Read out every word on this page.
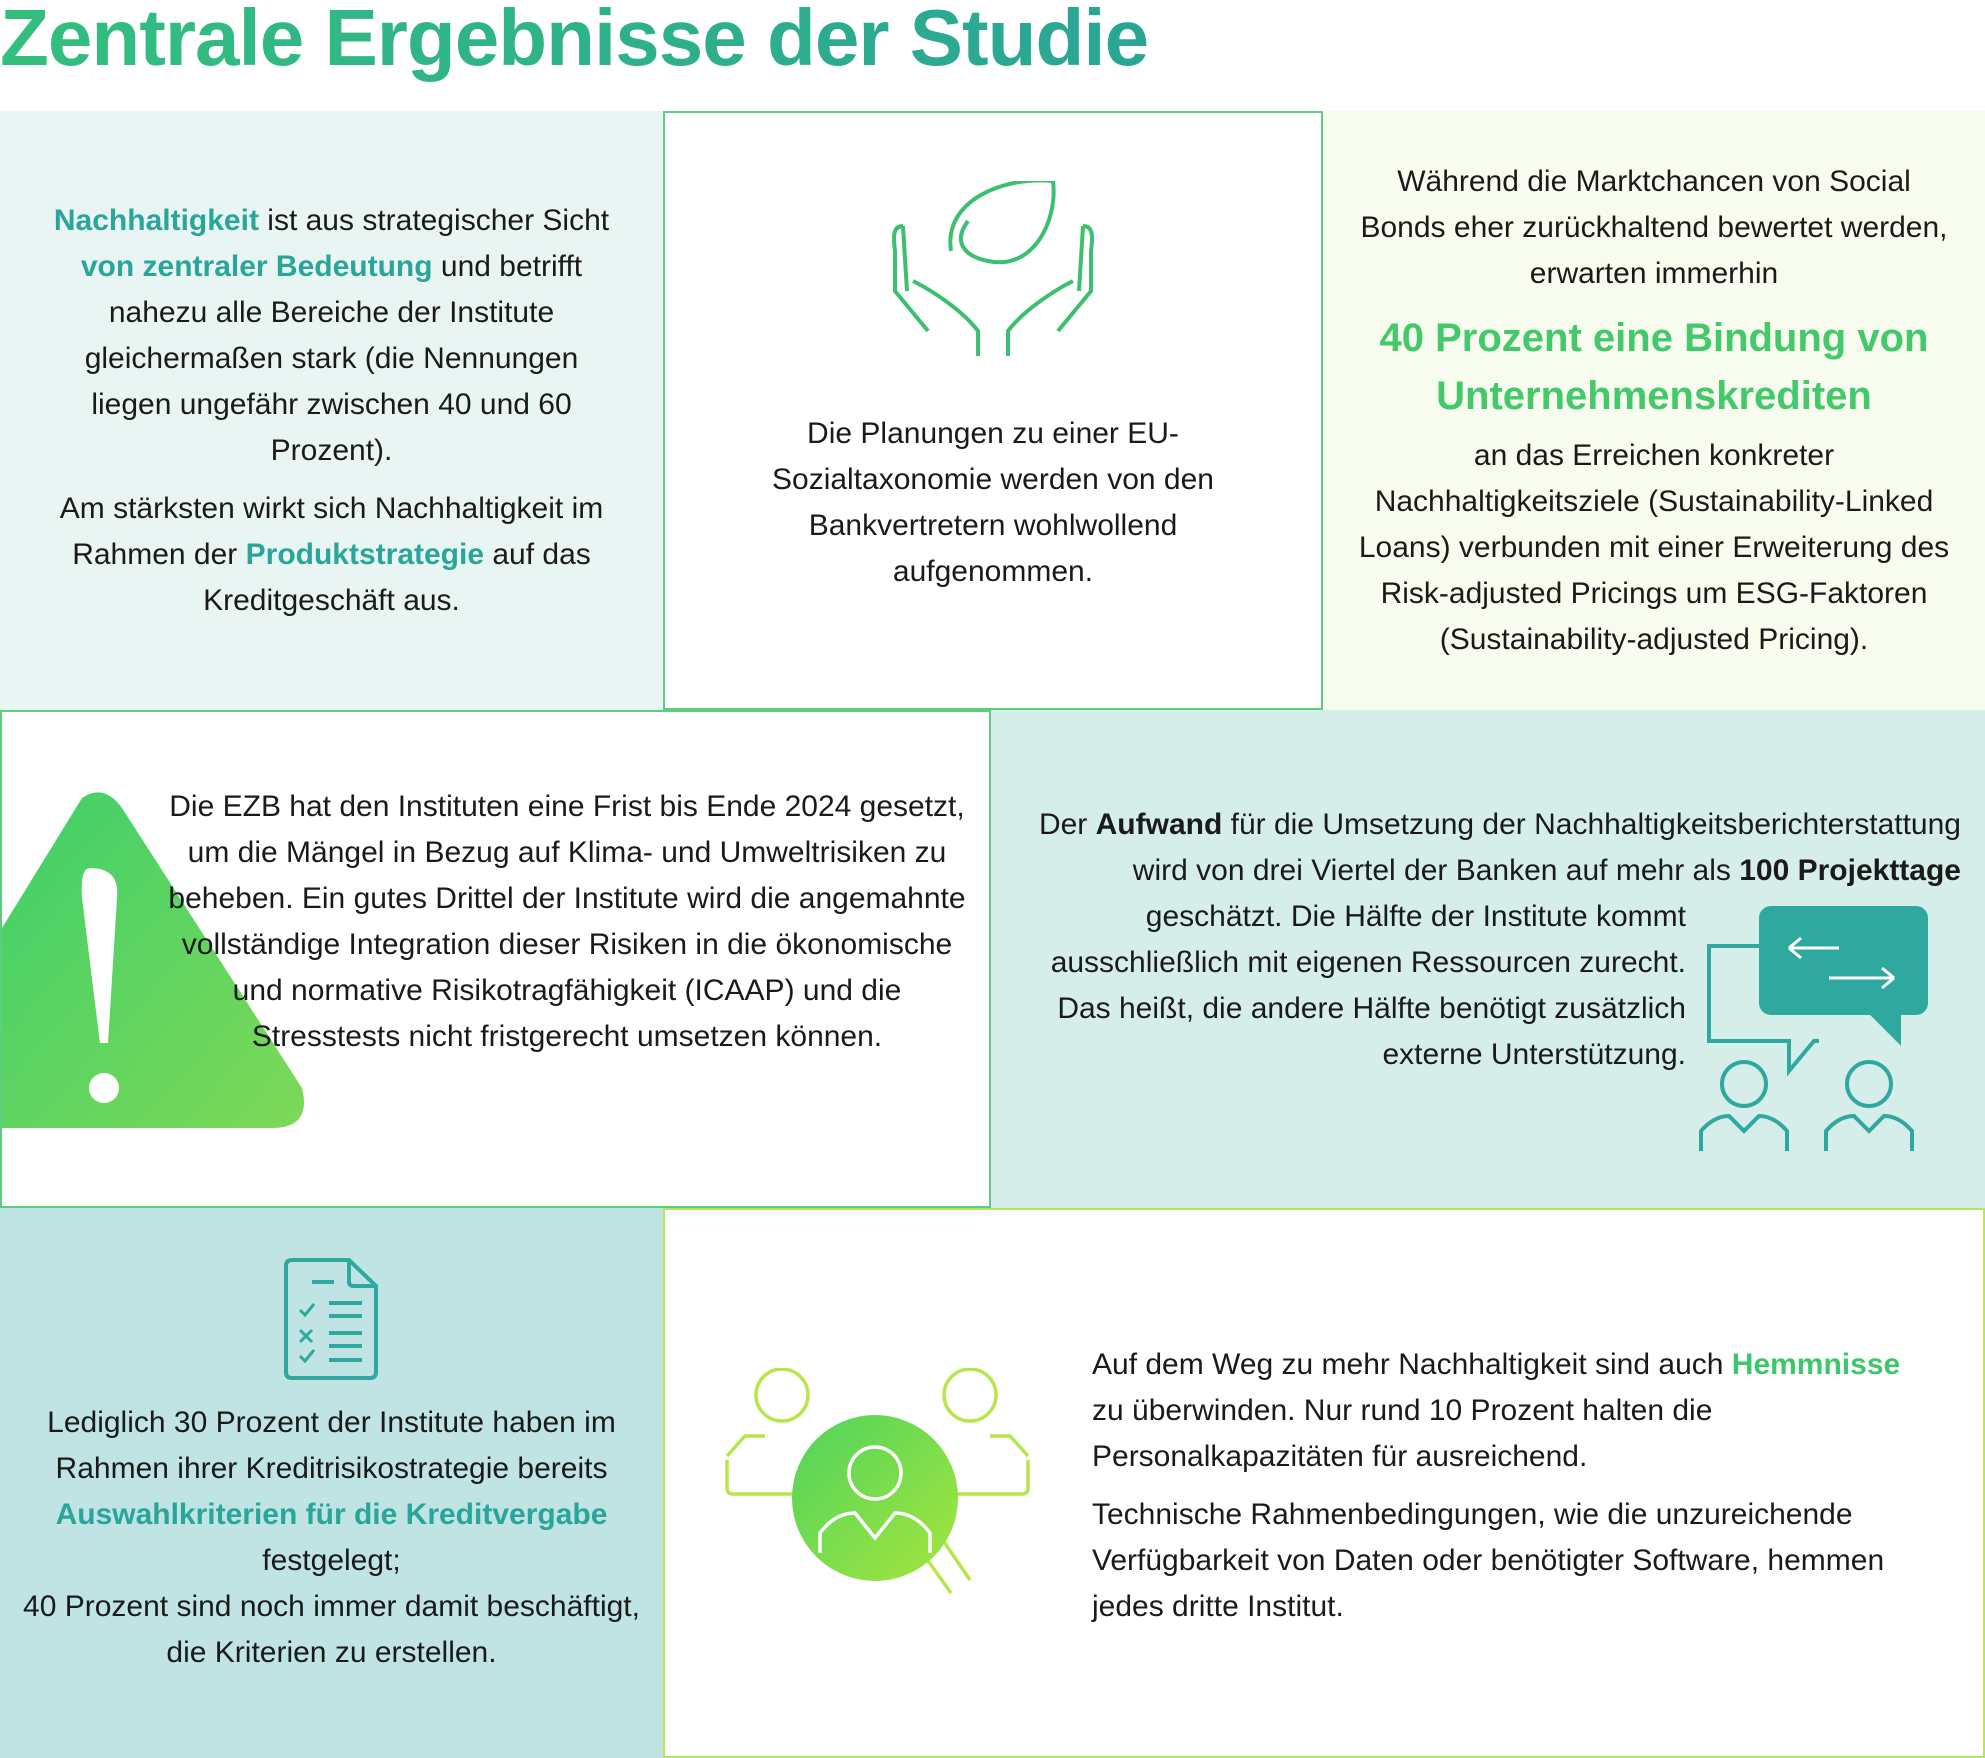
Zentrale Ergebnisse der Studie

Nachhaltigkeit ist aus strategischer Sicht von zentraler Bedeutung und betrifft nahezu alle Bereiche der Institute gleichermaßen stark (die Nennungen liegen ungefähr zwischen 40 und 60 Prozent).

Am stärksten wirkt sich Nachhaltigkeit im Rahmen der Produktstrategie auf das Kreditgeschäft aus.

Die Planungen zu einer EU-Sozialtaxonomie werden von den Bankvertretern wohlwollend aufgenommen.

Während die Marktchancen von Social Bonds eher zurückhaltend bewertet werden, erwarten immerhin

40 Prozent eine Bindung von Unternehmenskrediten

an das Erreichen konkreter Nachhaltigkeitsziele (Sustainability-Linked Loans) verbunden mit einer Erweiterung des Risk-adjusted Pricings um ESG-Faktoren (Sustainability-adjusted Pricing).

Die EZB hat den Instituten eine Frist bis Ende 2024 gesetzt, um die Mängel in Bezug auf Klima- und Umweltrisiken zu beheben. Ein gutes Drittel der Institute wird die angemahnte vollständige Integration dieser Risiken in die ökonomische und normative Risikotragfähigkeit (ICAAP) und die Stresstests nicht fristgerecht umsetzen können.
Der Aufwand für die Umsetzung der Nachhaltigkeitsberichterstattung wird von drei Viertel der Banken auf mehr als 100 Projekttage geschätzt. Die Hälfte der Institute kommt ausschließlich mit eigenen Ressourcen zurecht. Das heißt, die andere Hälfte benötigt zusätzlich externe Unterstützung.

Lediglich 30 Prozent der Institute haben im Rahmen ihrer Kreditrisikostrategie bereits Auswahlkriterien für die Kreditvergabe festgelegt;

40 Prozent sind noch immer damit beschäftigt, die Kriterien zu erstellen.

Auf dem Weg zu mehr Nachhaltigkeit sind auch Hemmnisse zu überwinden. Nur rund 10 Prozent halten die Personalkapazitäten für ausreichend.

Technische Rahmenbedingungen, wie die unzureichende Verfügbarkeit von Daten oder benötigter Software, hemmen jedes dritte Institut.
